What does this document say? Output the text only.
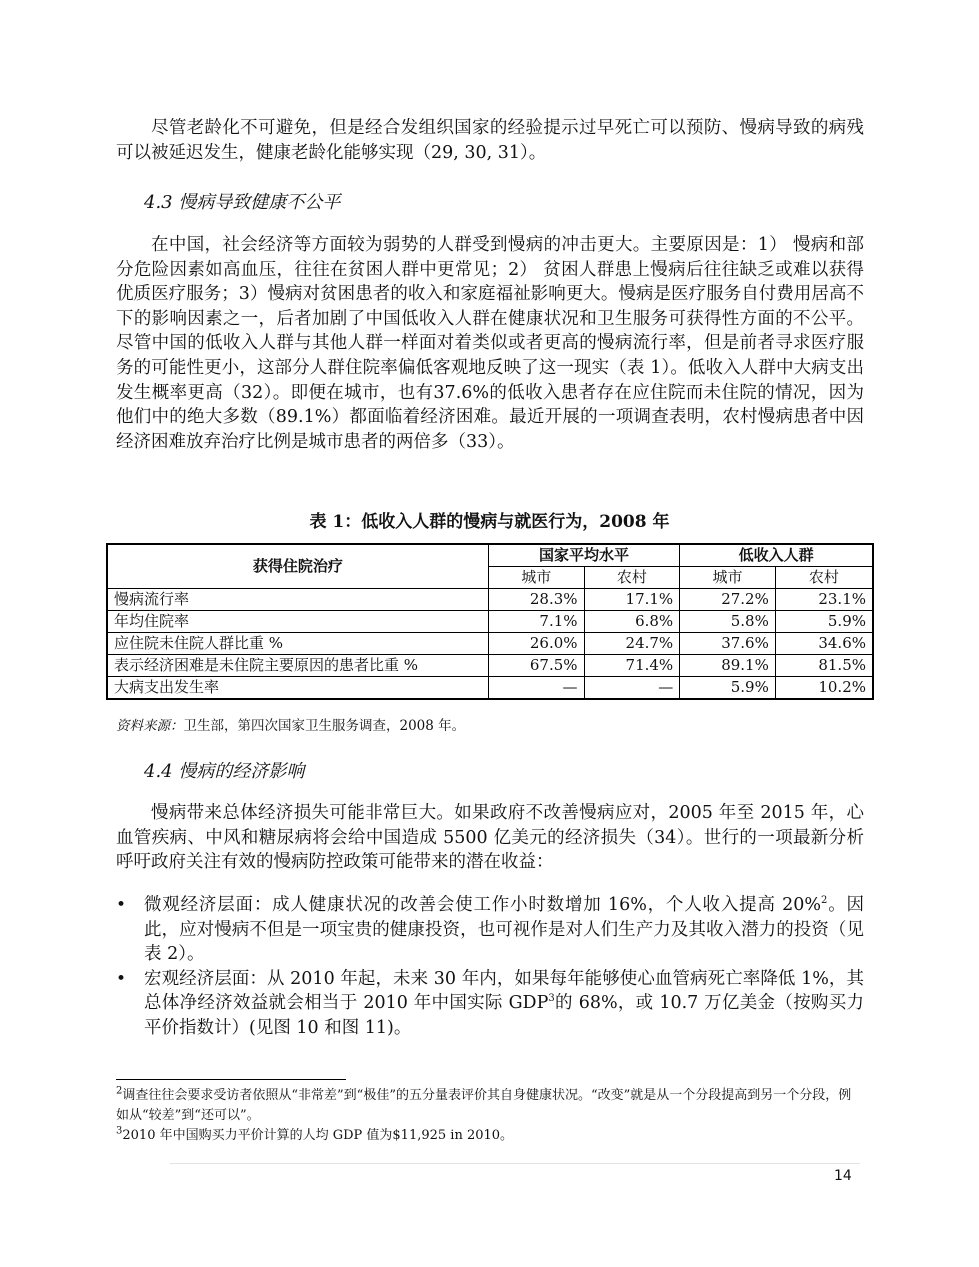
尽管老龄化不可避免，但是经合发组织国家的经验提示过早死亡可以预防、慢病导致的病残可以被延迟发生，健康老龄化能够实现（29, 30, 31）。

4.3 慢病导致健康不公平

在中国，社会经济等方面较为弱势的人群受到慢病的冲击更大。主要原因是：1） 慢病和部分危险因素如高血压，往往在贫困人群中更常见；2） 贫困人群患上慢病后往往缺乏或难以获得优质医疗服务；3）慢病对贫困患者的收入和家庭福祉影响更大。慢病是医疗服务自付费用居高不下的影响因素之一，后者加剧了中国低收入人群在健康状况和卫生服务可获得性方面的不公平。尽管中国的低收入人群与其他人群一样面对着类似或者更高的慢病流行率，但是前者寻求医疗服务的可能性更小，这部分人群住院率偏低客观地反映了这一现实（表 1）。低收入人群中大病支出发生概率更高（32）。即便在城市，也有37.6%的低收入患者存在应住院而未住院的情况，因为他们中的绝大多数（89.1%）都面临着经济困难。最近开展的一项调查表明，农村慢病患者中因经济困难放弃治疗比例是城市患者的两倍多（33）。

表 1：低收入人群的慢病与就医行为，2008 年

获得住院治疗	国家平均水平		低收入人群	
	城市	农村	城市	农村
慢病流行率	28.3%	17.1%	27.2%	23.1%
年均住院率	7.1%	6.8%	5.8%	5.9%
应住院未住院人群比重 %	26.0%	24.7%	37.6%	34.6%
表示经济困难是未住院主要原因的患者比重 %	67.5%	71.4%	89.1%	81.5%
大病支出发生率	—	—	5.9%	10.2%

资料来源：卫生部，第四次国家卫生服务调查，2008 年。

4.4 慢病的经济影响

慢病带来总体经济损失可能非常巨大。如果政府不改善慢病应对，2005 年至 2015 年，心血管疾病、中风和糖尿病将会给中国造成 5500 亿美元的经济损失（34）。世行的一项最新分析呼吁政府关注有效的慢病防控政策可能带来的潜在收益：

• 微观经济层面：成人健康状况的改善会使工作小时数增加 16%，个人收入提高 20%$^2$。因此，应对慢病不但是一项宝贵的健康投资，也可视作是对人们生产力及其收入潜力的投资（见表 2）。
• 宏观经济层面：从 2010 年起，未来 30 年内，如果每年能够使心血管病死亡率降低 1%，其总体净经济效益就会相当于 2010 年中国实际 GDP$^3$的 68%，或 10.7 万亿美金（按购买力平价指数计）(见图 10 和图 11)。

$^2$调查往往会要求受访者依照从“非常差”到“极佳”的五分量表评价其自身健康状况。“改变”就是从一个分段提高到另一个分段，例如从“较差”到“还可以”。

$^3$2010 年中国购买力平价计算的人均 GDP 值为$11,925 in 2010。

14
